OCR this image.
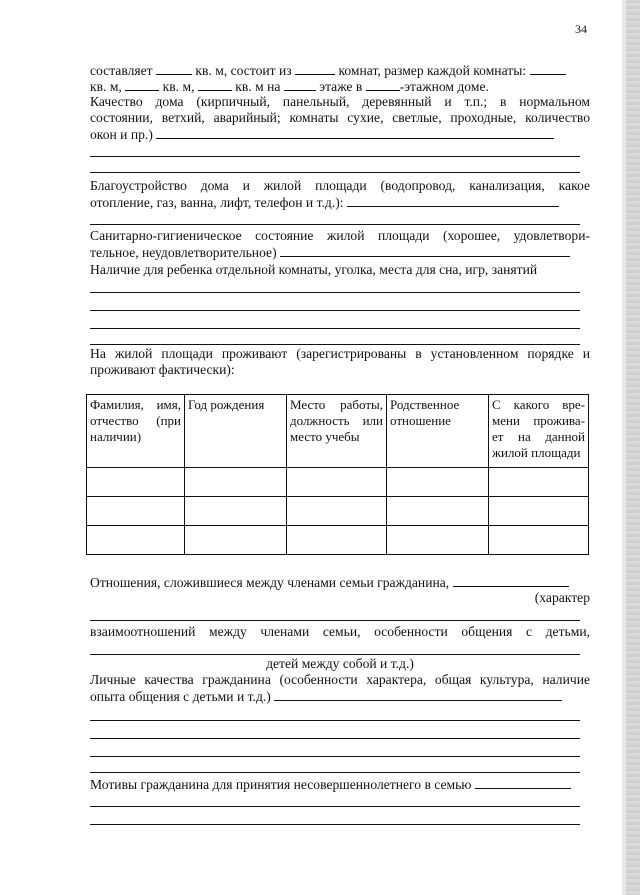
34
составляет	кв. м, состоит из	комнат, размер каждой комнаты:
кв. м,	кв. м,	кв. м на	этаже в	-этажном доме.
Качество дома (кирпичный, панельный, деревянный и т.п.; в нормальном
состоянии, ветхий, аварийный; комнаты сухие, светлые, проходные, количество
окон и пр.)
Благоустройство дома и жилой площади (водопровод, канализация, какое
отопление, газ, ванна, лифт, телефон и т.д.):
Санитарно-гигиеническое состояние жилой площади (хорошее, удовлетвори-
тельное, неудовлетворительное)
Наличие для ребенка отдельной комнаты, уголка, места для сна, игр, занятий
На жилой площади проживают (зарегистрированы в установленном порядке и
проживают фактически):
Фамилия, имя, отчество (при наличии)	Год рождения	Место работы, должность или место учебы	Родственное отношение	С какого вре- мени прожива- ет на данной жилой площади

Отношения, сложившиеся между членами семьи гражданина,
(характер
взаимоотношений между членами семьи, особенности общения с детьми,
детей между собой и т.д.)
Личные качества гражданина (особенности характера, общая культура, наличие
опыта общения с детьми и т.д.)
Мотивы гражданина для принятия несовершеннолетнего в семью
